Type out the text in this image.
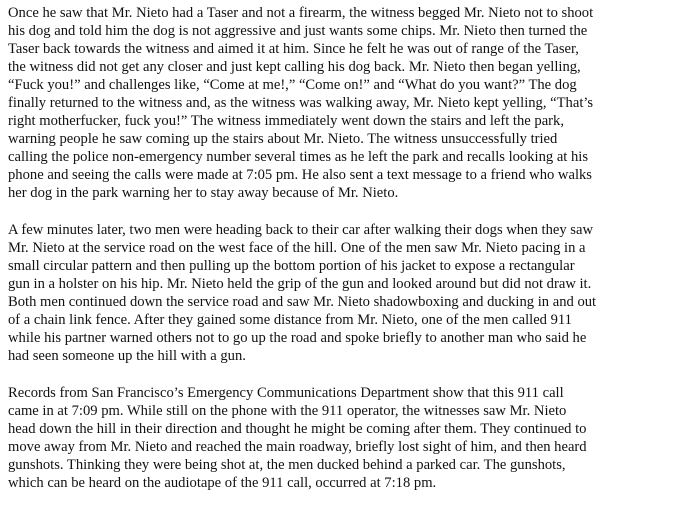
Once he saw that Mr. Nieto had a Taser and not a firearm, the witness begged Mr. Nieto not to shoot
his dog and told him the dog is not aggressive and just wants some chips. Mr. Nieto then turned the
Taser back towards the witness and aimed it at him. Since he felt he was out of range of the Taser,
the witness did not get any closer and just kept calling his dog back. Mr. Nieto then began yelling,
“Fuck you!” and challenges like, “Come at me!,” “Come on!” and “What do you want?” The dog
finally returned to the witness and, as the witness was walking away, Mr. Nieto kept yelling, “That’s
right motherfucker, fuck you!” The witness immediately went down the stairs and left the park,
warning people he saw coming up the stairs about Mr. Nieto. The witness unsuccessfully tried
calling the police non-emergency number several times as he left the park and recalls looking at his
phone and seeing the calls were made at 7:05 pm. He also sent a text message to a friend who walks
her dog in the park warning her to stay away because of Mr. Nieto.

A few minutes later, two men were heading back to their car after walking their dogs when they saw
Mr. Nieto at the service road on the west face of the hill. One of the men saw Mr. Nieto pacing in a
small circular pattern and then pulling up the bottom portion of his jacket to expose a rectangular
gun in a holster on his hip. Mr. Nieto held the grip of the gun and looked around but did not draw it.
Both men continued down the service road and saw Mr. Nieto shadowboxing and ducking in and out
of a chain link fence. After they gained some distance from Mr. Nieto, one of the men called 911
while his partner warned others not to go up the road and spoke briefly to another man who said he
had seen someone up the hill with a gun.

Records from San Francisco’s Emergency Communications Department show that this 911 call
came in at 7:09 pm. While still on the phone with the 911 operator, the witnesses saw Mr. Nieto
head down the hill in their direction and thought he might be coming after them. They continued to
move away from Mr. Nieto and reached the main roadway, briefly lost sight of him, and then heard
gunshots. Thinking they were being shot at, the men ducked behind a parked car. The gunshots,
which can be heard on the audiotape of the 911 call, occurred at 7:18 pm.
